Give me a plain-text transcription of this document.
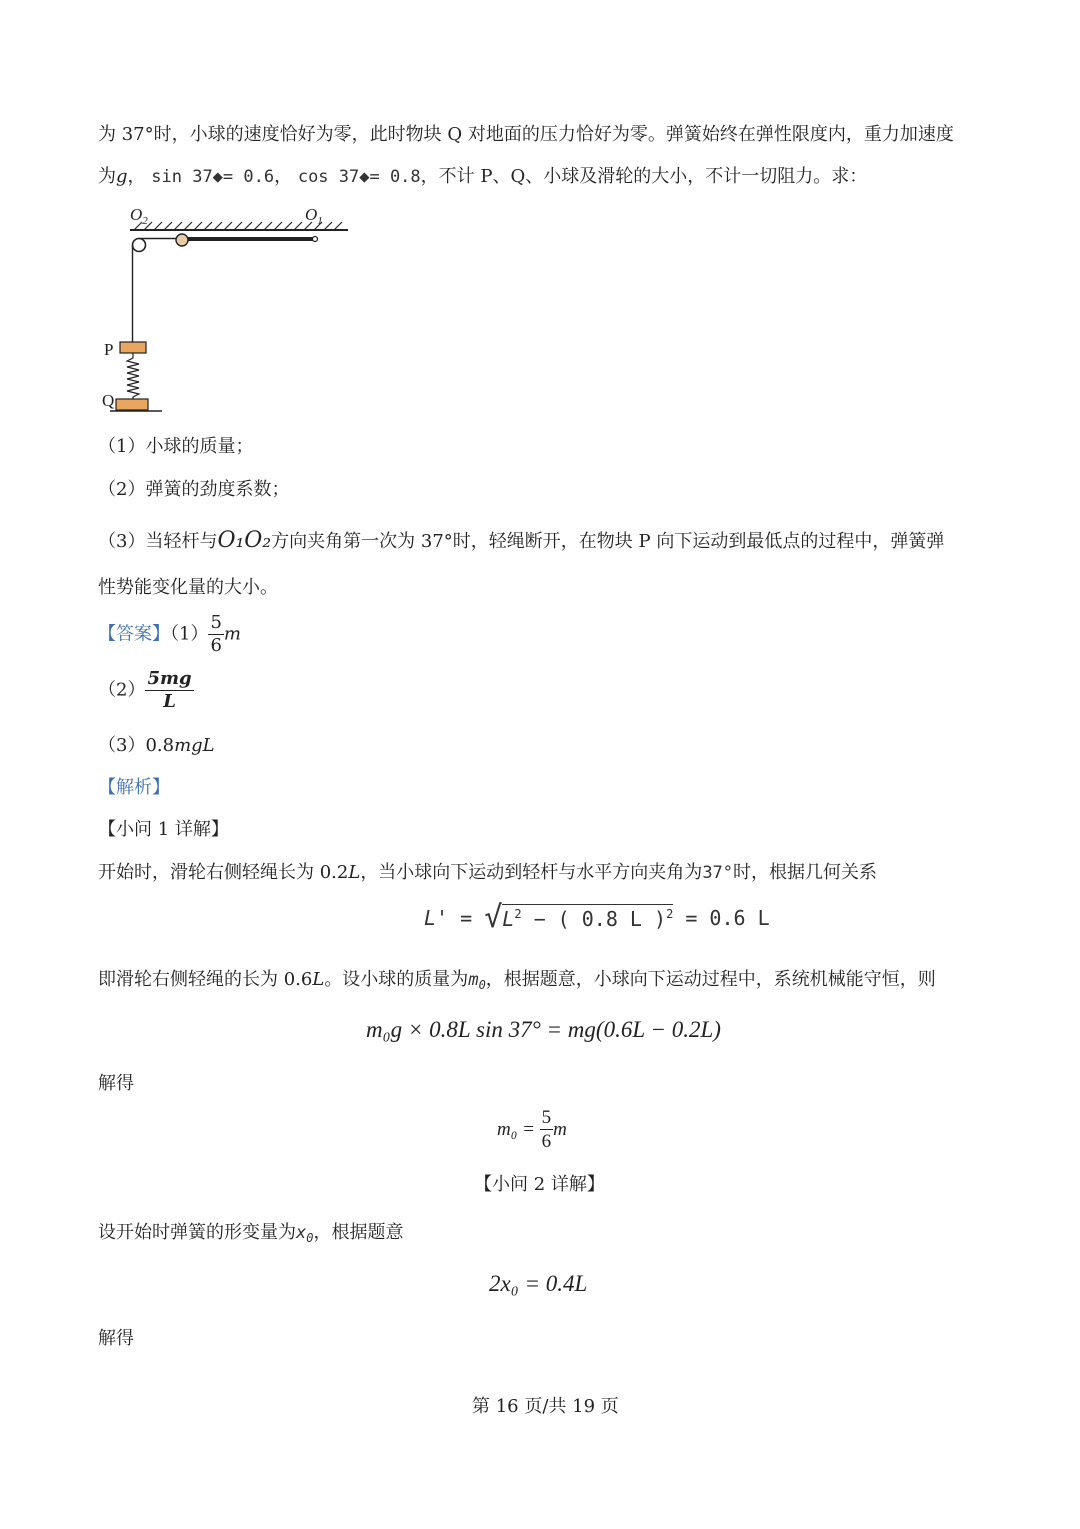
为 37°时，小球的速度恰好为零，此时物块 Q 对地面的压力恰好为零。弹簧始终在弹性限度内，重力加速度
为g， sin 37◆= 0.6， cos 37◆= 0.8，不计 P、Q、小球及滑轮的大小，不计一切阻力。求：
$O_2$	$O_1$
P
Q
（1）小球的质量；
（2）弹簧的劲度系数；
（3）当轻杆与O₁O₂方向夹角第一次为 37°时，轻绳断开，在物块 P 向下运动到最低点的过程中，弹簧弹
性势能变化量的大小。
【答案】$(1) \frac{5}{6}$ m
$(2) \frac{5mg}{L}$
（3）0.8mgL
【解析】
【小问 1 详解】
开始时，滑轮右侧轻绳长为 0.2L，当小球向下运动到轻杆与水平方向夹角为37°时，根据几何关系
$L' = √L^2$ − ( 0.8 L )$^2$ = 0.6 L
即滑轮右侧轻绳的长为 0.6L。设小球的质量为$m_0$，根据题意，小球向下运动过程中，系统机械能守恒，则
m₀g × 0.8L sin 37° = mg(0.6L − 0.2L)
解得
$m_0 = \frac{5}{6}$ m
【小问 2 详解】
设开始时弹簧的形变量为$x_0$，根据题意
2x₀ = 0.4L
解得
第 16 页/共 19 页
